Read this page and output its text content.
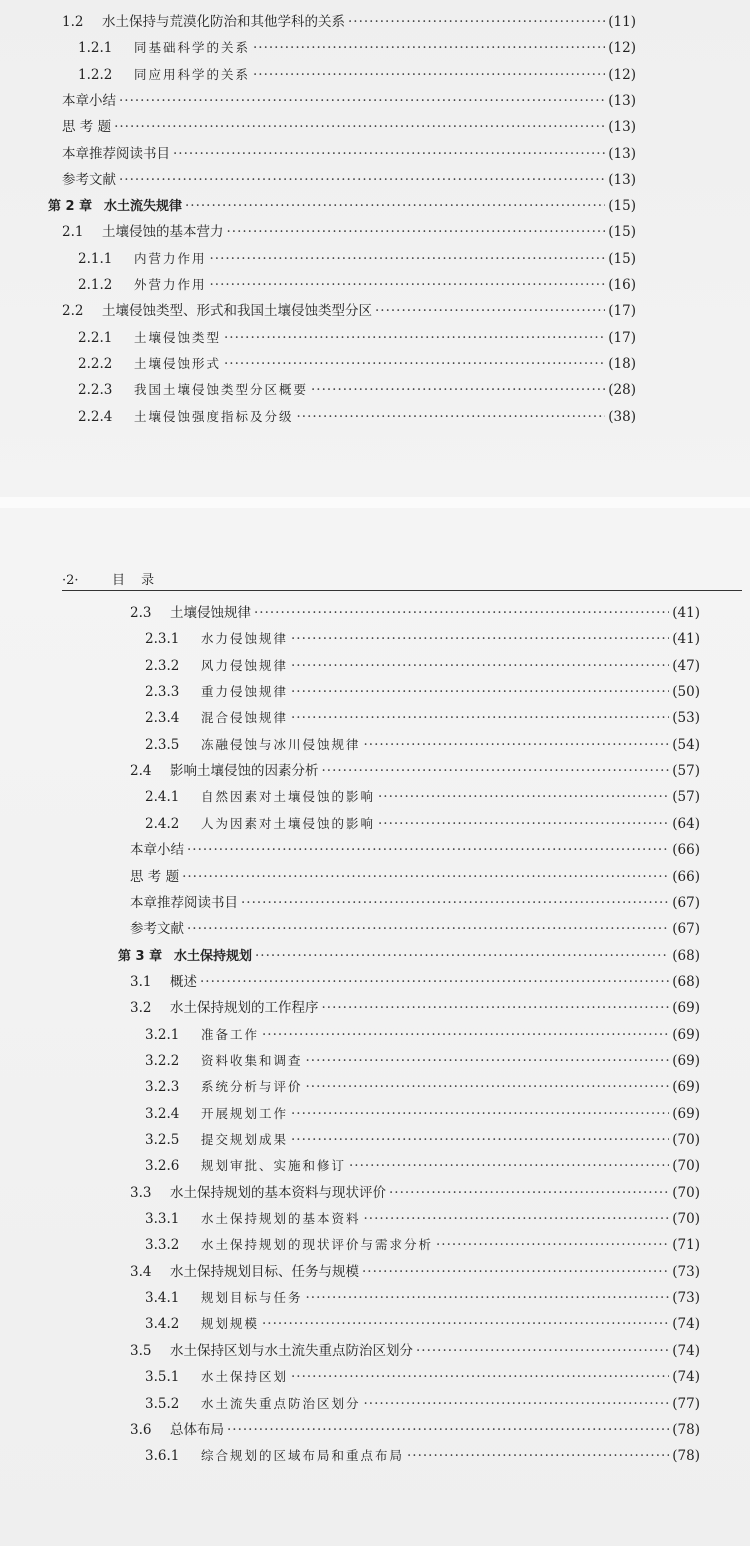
1.2	水土保持与荒漠化防治和其他学科的关系 ·····	(11)
1.2.1	同基础科学的关系 ·····	(12)
1.2.2	同应用科学的关系 ·····	(12)
本章小结 ·····	(13)
思 考 题 ·····	(13)
本章推荐阅读书目 ·····	(13)
参考文献 ·····	(13)
第 2 章 水土流失规律 ·····	(15)
2.1	土壤侵蚀的基本营力 ·····	(15)
2.1.1	内营力作用 ·····	(15)
2.1.2	外营力作用 ·····	(16)
2.2	土壤侵蚀类型、形式和我国土壤侵蚀类型分区 ·····	(17)
2.2.1	土壤侵蚀类型 ·····	(17)
2.2.2	土壤侵蚀形式 ·····	(18)
2.2.3	我国土壤侵蚀类型分区概要 ·····	(28)
2.2.4	土壤侵蚀强度指标及分级 ·····	(38)
·2·	目 录
2.3	土壤侵蚀规律 ·····	(41)
2.3.1	水力侵蚀规律 ·····	(41)
2.3.2	风力侵蚀规律 ·····	(47)
2.3.3	重力侵蚀规律 ·····	(50)
2.3.4	混合侵蚀规律 ·····	(53)
2.3.5	冻融侵蚀与冰川侵蚀规律 ·····	(54)
2.4	影响土壤侵蚀的因素分析 ·····	(57)
2.4.1	自然因素对土壤侵蚀的影响 ·····	(57)
2.4.2	人为因素对土壤侵蚀的影响 ·····	(64)
本章小结 ·····	(66)
思 考 题 ·····	(66)
本章推荐阅读书目 ·····	(67)
参考文献 ·····	(67)
第 3 章 水土保持规划 ·····	(68)
3.1	概述 ·····	(68)
3.2	水土保持规划的工作程序 ·····	(69)
3.2.1	准备工作 ·····	(69)
3.2.2	资料收集和调查 ·····	(69)
3.2.3	系统分析与评价 ·····	(69)
3.2.4	开展规划工作 ·····	(69)
3.2.5	提交规划成果 ·····	(70)
3.2.6	规划审批、实施和修订 ·····	(70)
3.3	水土保持规划的基本资料与现状评价 ·····	(70)
3.3.1	水土保持规划的基本资料 ·····	(70)
3.3.2	水土保持规划的现状评价与需求分析 ·····	(71)
3.4	水土保持规划目标、任务与规模 ·····	(73)
3.4.1	规划目标与任务 ·····	(73)
3.4.2	规划规模 ·····	(74)
3.5	水土保持区划与水土流失重点防治区划分 ·····	(74)
3.5.1	水土保持区划 ·····	(74)
3.5.2	水土流失重点防治区划分 ·····	(77)
3.6	总体布局 ·····	(78)
3.6.1	综合规划的区域布局和重点布局 ·····	(78)
